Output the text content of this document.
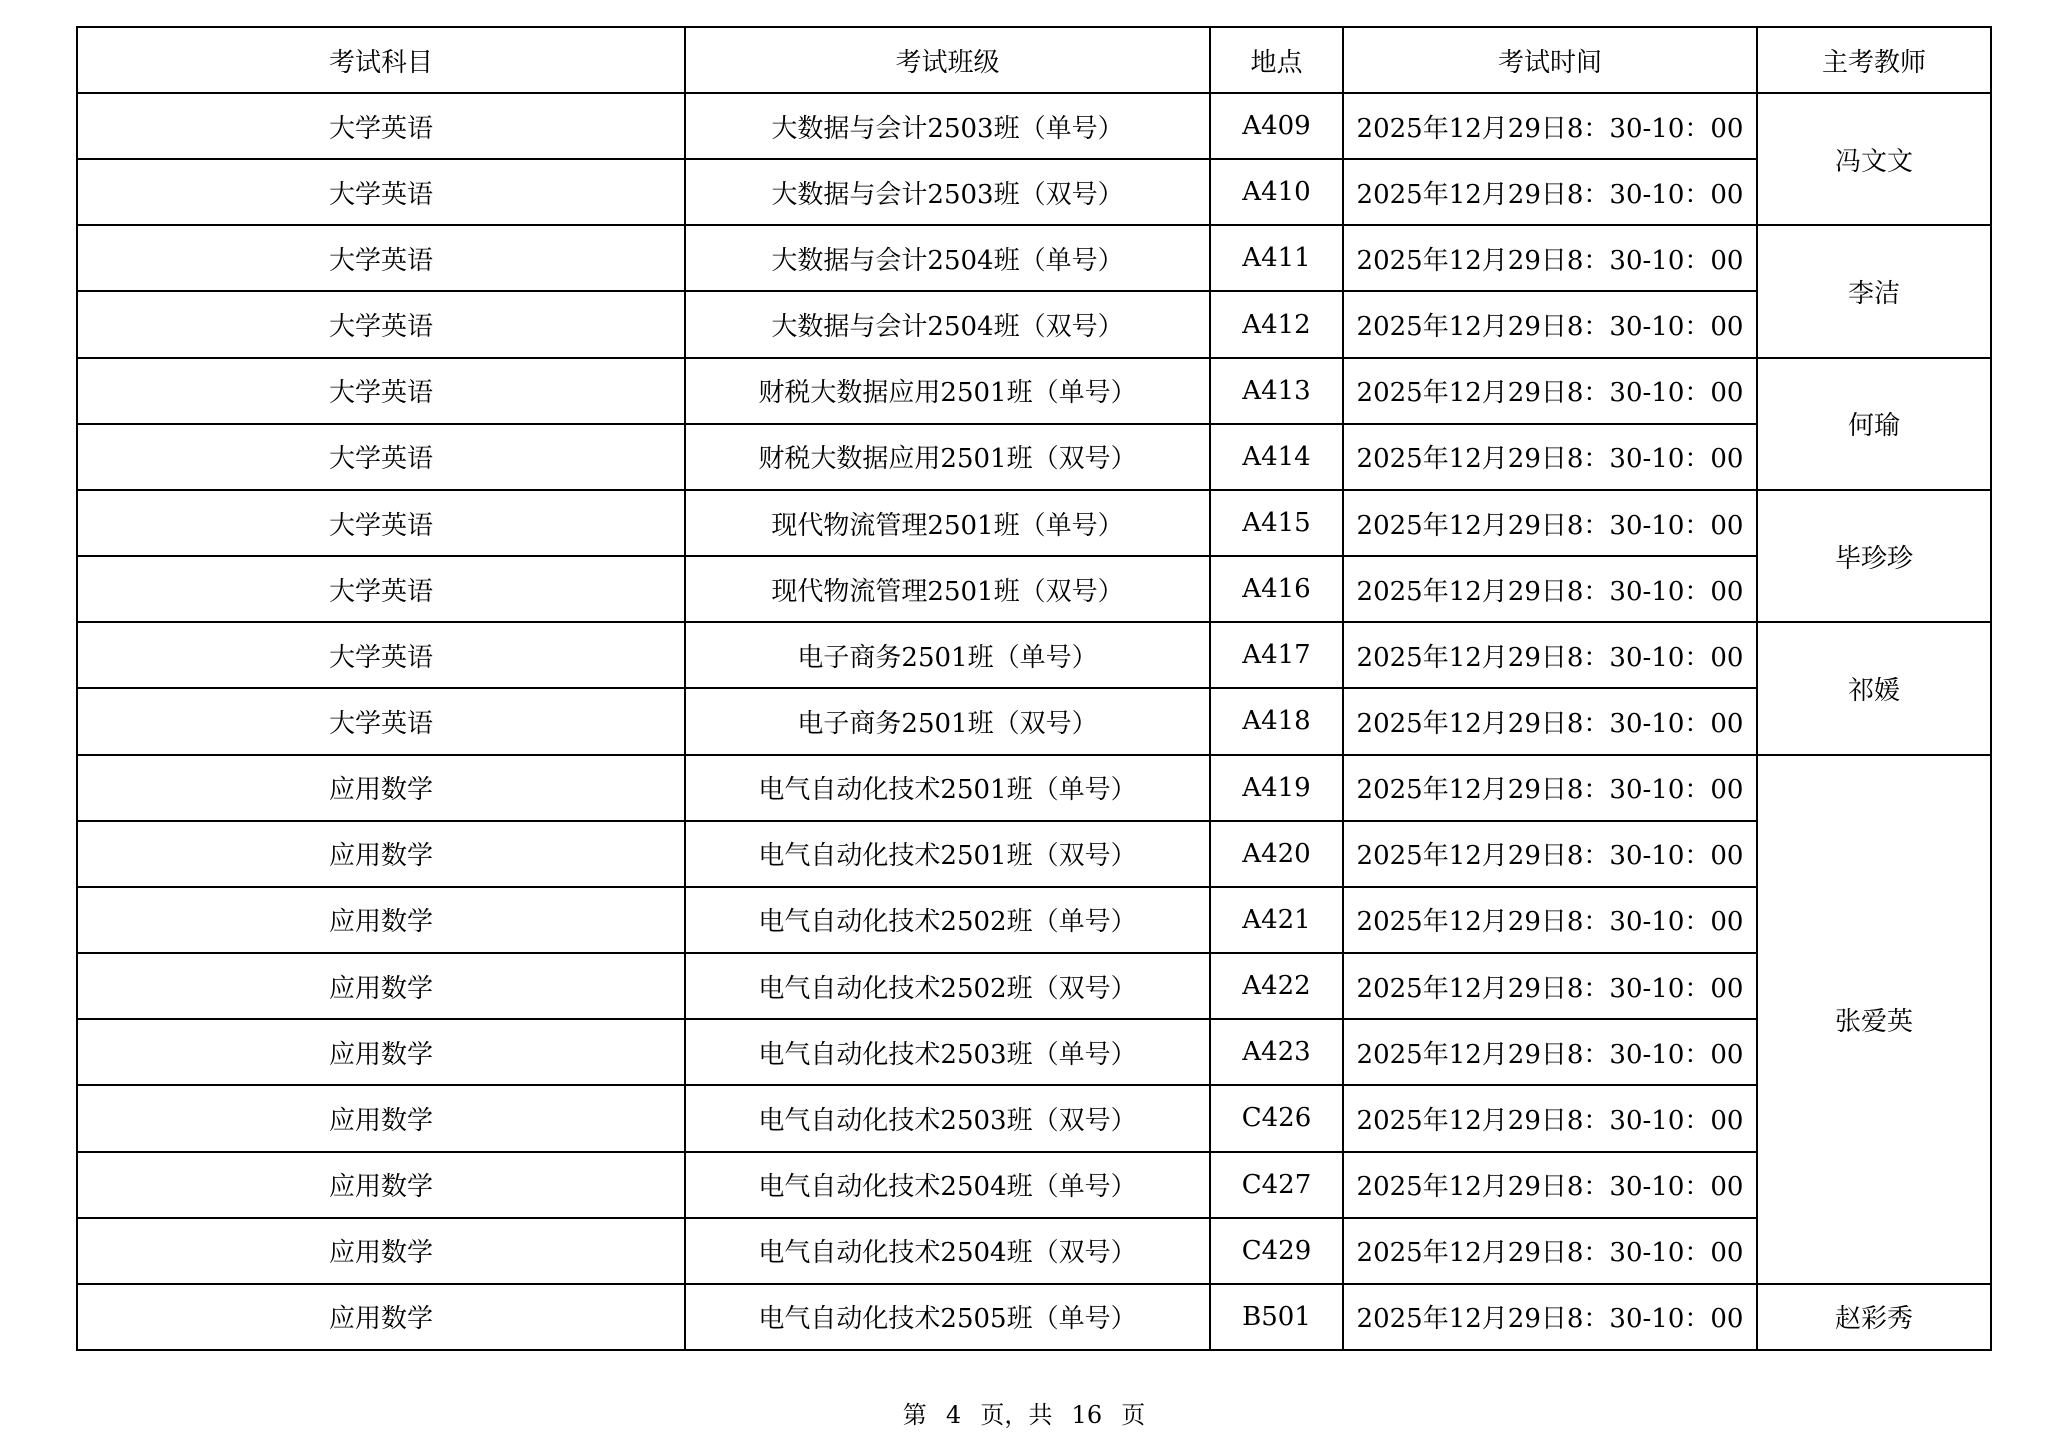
考试科目	考试班级	地点	考试时间	主考教师
大学英语	大数据与会计2503班（单号）	A409	2025年12月29日8：30-10：00	冯文文
大学英语	大数据与会计2503班（双号）	A410	2025年12月29日8：30-10：00	
大学英语	大数据与会计2504班（单号）	A411	2025年12月29日8：30-10：00	李洁
大学英语	大数据与会计2504班（双号）	A412	2025年12月29日8：30-10：00	
大学英语	财税大数据应用2501班（单号）	A413	2025年12月29日8：30-10：00	何瑜
大学英语	财税大数据应用2501班（双号）	A414	2025年12月29日8：30-10：00	
大学英语	现代物流管理2501班（单号）	A415	2025年12月29日8：30-10：00	毕珍珍
大学英语	现代物流管理2501班（双号）	A416	2025年12月29日8：30-10：00	
大学英语	电子商务2501班（单号）	A417	2025年12月29日8：30-10：00	祁媛
大学英语	电子商务2501班（双号）	A418	2025年12月29日8：30-10：00	
应用数学	电气自动化技术2501班（单号）	A419	2025年12月29日8：30-10：00	张爱英
应用数学	电气自动化技术2501班（双号）	A420	2025年12月29日8：30-10：00	
应用数学	电气自动化技术2502班（单号）	A421	2025年12月29日8：30-10：00	
应用数学	电气自动化技术2502班（双号）	A422	2025年12月29日8：30-10：00	
应用数学	电气自动化技术2503班（单号）	A423	2025年12月29日8：30-10：00	
应用数学	电气自动化技术2503班（双号）	C426	2025年12月29日8：30-10：00	
应用数学	电气自动化技术2504班（单号）	C427	2025年12月29日8：30-10：00	
应用数学	电气自动化技术2504班（双号）	C429	2025年12月29日8：30-10：00	
应用数学	电气自动化技术2505班（单号）	B501	2025年12月29日8：30-10：00	赵彩秀
第 4 页，共 16 页
